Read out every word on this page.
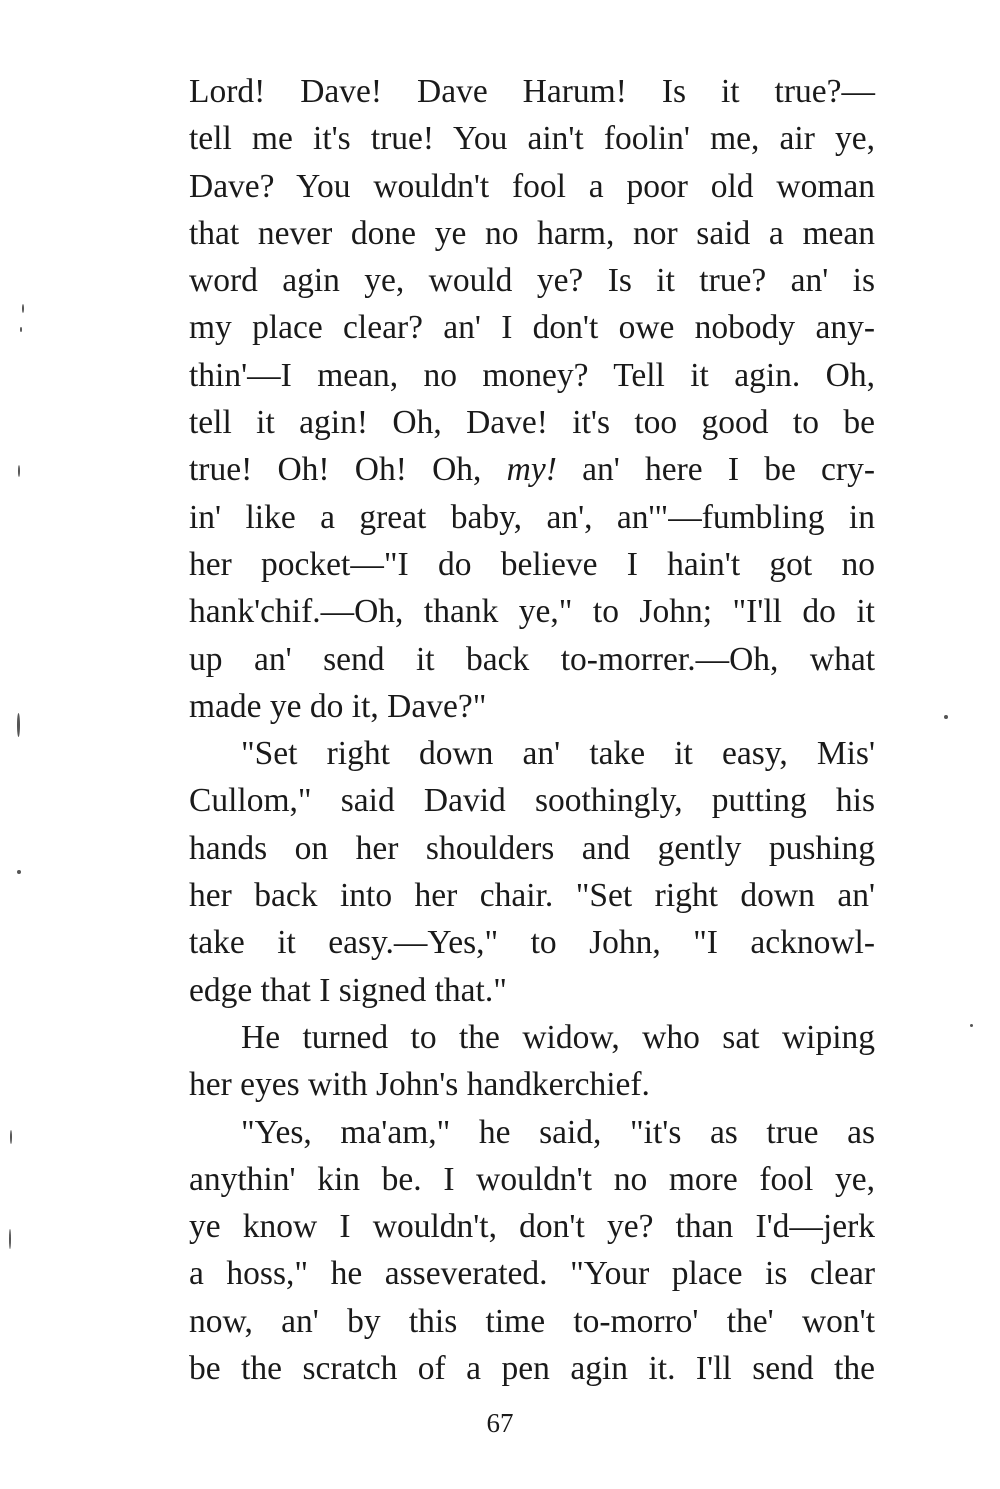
Lord! Dave! Dave Harum! Is it true?—
tell me it's true! You ain't foolin' me, air ye,
Dave? You wouldn't fool a poor old woman
that never done ye no harm, nor said a mean
word agin ye, would ye? Is it true? an' is
my place clear? an' I don't owe nobody any-
thin'—I mean, no money? Tell it agin. Oh,
tell it agin! Oh, Dave! it's too good to be
true! Oh! Oh! Oh, my! an' here I be cry-
in' like a great baby, an', an'"—fumbling in
her pocket—"I do believe I hain't got no
hank'chif.—Oh, thank ye," to John; "I'll do it
up an' send it back to-morrer.—Oh, what
made ye do it, Dave?"
"Set right down an' take it easy, Mis'
Cullom," said David soothingly, putting his
hands on her shoulders and gently pushing
her back into her chair. "Set right down an'
take it easy.—Yes," to John, "I acknowl-
edge that I signed that."
He turned to the widow, who sat wiping
her eyes with John's handkerchief.
"Yes, ma'am," he said, "it's as true as
anythin' kin be. I wouldn't no more fool ye,
ye know I wouldn't, don't ye? than I'd—jerk
a hoss," he asseverated. "Your place is clear
now, an' by this time to-morro' the' won't
be the scratch of a pen agin it. I'll send the
67
